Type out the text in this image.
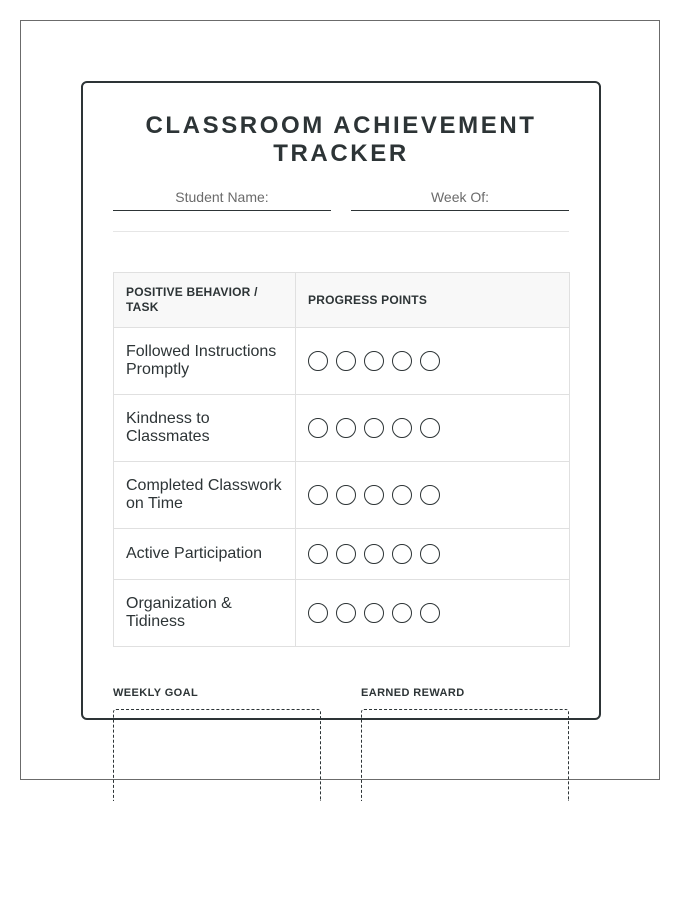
CLASSROOM ACHIEVEMENT TRACKER
Student Name:	Week Of:
POSITIVE BEHAVIOR / TASK	PROGRESS POINTS
Followed Instructions Promptly	

Kindness to Classmates	

Completed Classwork on Time	

Active Participation	

Organization & Tidiness	
WEEKLY GOAL	EARNED REWARD
